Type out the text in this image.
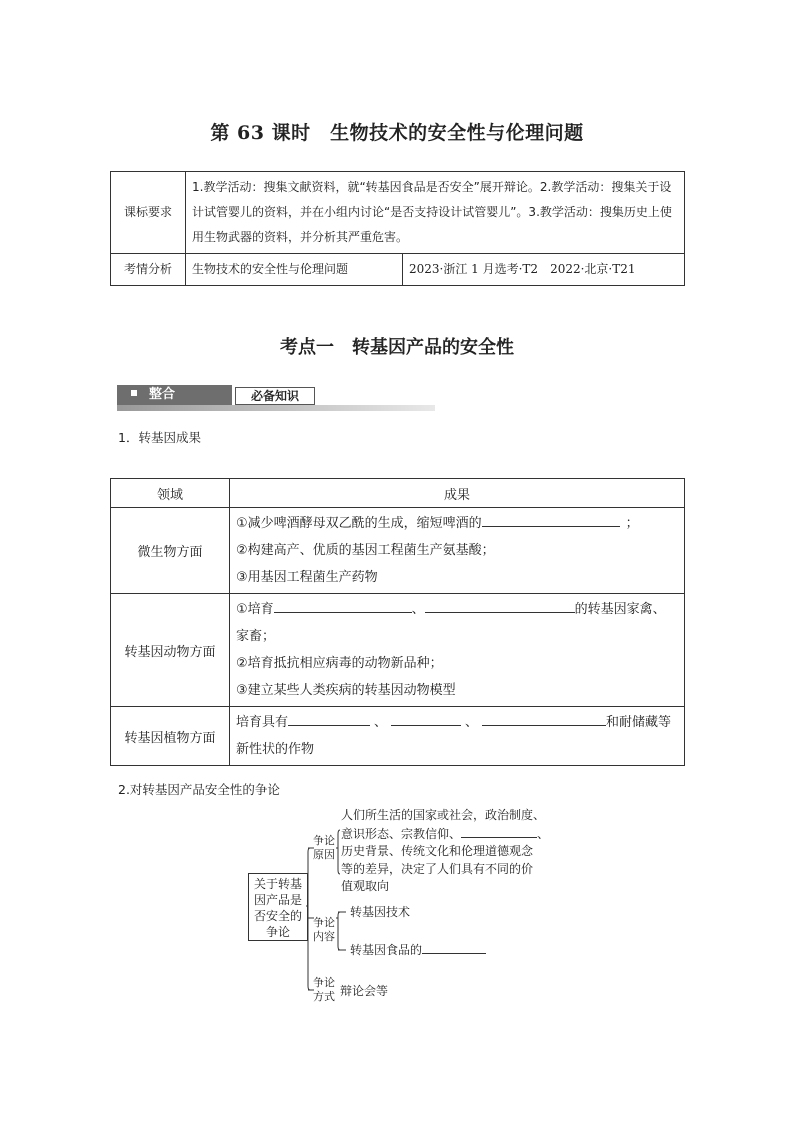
第 63 课时　生物技术的安全性与伦理问题
课标要求	1.教学活动：搜集文献资料，就“转基因食品是否安全”展开辩论。2.教学活动：搜集关于设计试管婴儿的资料，并在小组内讨论“是否支持设计试管婴儿”。3.教学活动：搜集历史上使用生物武器的资料，并分析其严重危害。	
考情分析	生物技术的安全性与伦理问题	2023·浙江 1 月选考·T2　2022·北京·T21
考点一　转基因产品的安全性
整合	必备知识
1．转基因成果
领域	成果
微生物方面	①减少啤酒酵母双乙酰的生成，缩短啤酒的 ；
②构建高产、优质的基因工程菌生产氨基酸；
③用基因工程菌生产药物

转基因动物方面	①培育 、 的转基因家禽、
家畜；
②培育抵抗相应病毒的动物新品种；
③建立某些人类疾病的转基因动物模型

转基因植物方面	培育具有 、 、 和耐储藏等
新性状的作物
2.对转基因产品安全性的争论
关于转基
因产品是
否安全的
争论
争论
原因
人们所生活的国家或社会，政治制度、
意识形态、宗教信仰、	、
历史背景、传统文化和伦理道德观念
等的差异，决定了人们具有不同的价
值观取向
争论
内容
转基因技术
转基因食品的
争论
方式 辩论会等
